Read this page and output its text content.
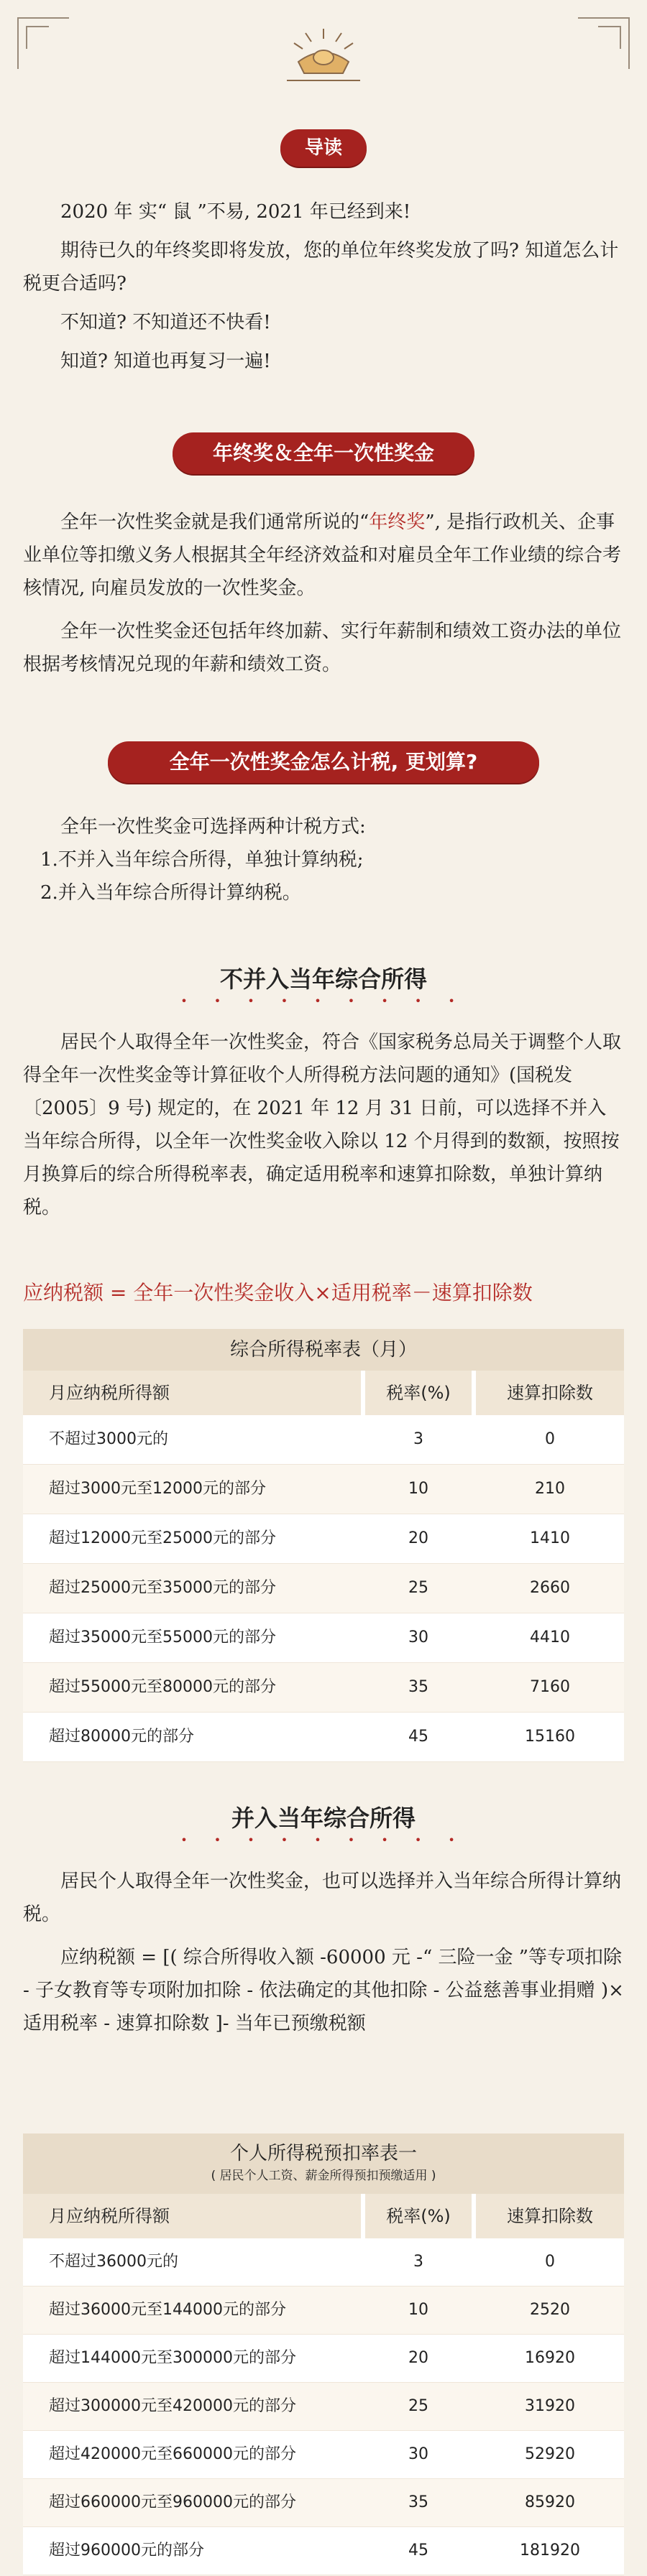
导读
2020 年 实“ 鼠 ”不易, 2021 年已经到来!
期待已久的年终奖即将发放，您的单位年终奖发放了吗? 知道怎么计税更合适吗?
不知道? 不知道还不快看!
知道? 知道也再复习一遍!
年终奖＆全年一次性奖金
全年一次性奖金就是我们通常所说的“年终奖”, 是指行政机关、企事业单位等扣缴义务人根据其全年经济效益和对雇员全年工作业绩的综合考核情况, 向雇员发放的一次性奖金。
全年一次性奖金还包括年终加薪、实行年薪制和绩效工资办法的单位根据考核情况兑现的年薪和绩效工资。
全年一次性奖金怎么计税, 更划算?
全年一次性奖金可选择两种计税方式:
1.不并入当年综合所得，单独计算纳税;
2.并入当年综合所得计算纳税。
不并入当年综合所得
• • • • • • • • •
居民个人取得全年一次性奖金，符合《国家税务总局关于调整个人取得全年一次性奖金等计算征收个人所得税方法问题的通知》(国税发〔2005〕9 号) 规定的，在 2021 年 12 月 31 日前，可以选择不并入当年综合所得，以全年一次性奖金收入除以 12 个月得到的数额，按照按月换算后的综合所得税率表，确定适用税率和速算扣除数，单独计算纳税。
应纳税额 = 全年一次性奖金收入×适用税率－速算扣除数
综合所得税率表（月）
月应纳税所得额	税率(%)	速算扣除数
不超过3000元的	3	0
超过3000元至12000元的部分	10	210
超过12000元至25000元的部分	20	1410
超过25000元至35000元的部分	25	2660
超过35000元至55000元的部分	30	4410
超过55000元至80000元的部分	35	7160
超过80000元的部分	45	15160
并入当年综合所得
• • • • • • • • •
居民个人取得全年一次性奖金，也可以选择并入当年综合所得计算纳税。
应纳税额 = [( 综合所得收入额 -60000 元 -“ 三险一金 ”等专项扣除 - 子女教育等专项附加扣除 - 依法确定的其他扣除 - 公益慈善事业捐赠 )× 适用税率 - 速算扣除数 ]- 当年已预缴税额
个人所得税预扣率表一
( 居民个人工资、薪金所得预扣预缴适用 )
月应纳税所得额	税率(%)	速算扣除数
不超过36000元的	3	0
超过36000元至144000元的部分	10	2520
超过144000元至300000元的部分	20	16920
超过300000元至420000元的部分	25	31920
超过420000元至660000元的部分	30	52920
超过660000元至960000元的部分	35	85920
超过960000元的部分	45	181920
